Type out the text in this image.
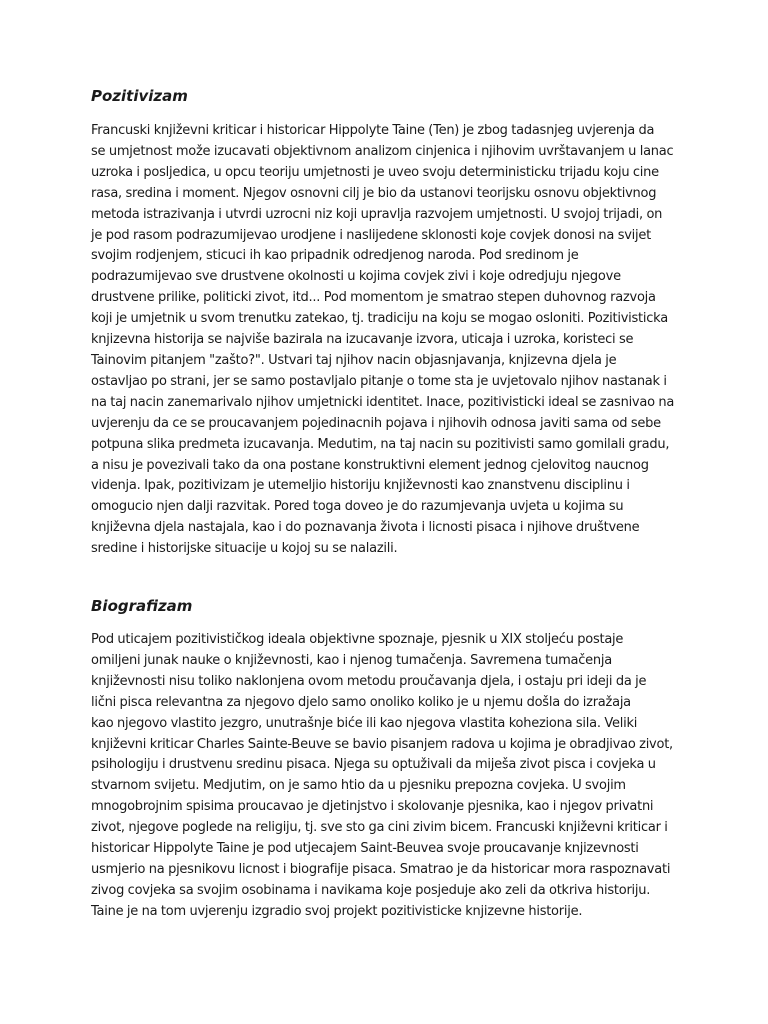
Pozitivizam
Francuski književni kriticar i historicar Hippolyte Taine (Ten) je zbog tadasnjeg uvjerenja da
se umjetnost može izucavati objektivnom analizom cinjenica i njihovim uvrštavanjem u lanac
uzroka i posljedica, u opcu teoriju umjetnosti je uveo svoju deterministicku trijadu koju cine
rasa, sredina i moment. Njegov osnovni cilj je bio da ustanovi teorijsku osnovu objektivnog
metoda istrazivanja i utvrdi uzrocni niz koji upravlja razvojem umjetnosti. U svojoj trijadi, on
je pod rasom podrazumijevao urodjene i naslijedene sklonosti koje covjek donosi na svijet
svojim rodjenjem, sticuci ih kao pripadnik odredjenog naroda. Pod sredinom je
podrazumijevao sve drustvene okolnosti u kojima covjek zivi i koje odredjuju njegove
drustvene prilike, politicki zivot, itd... Pod momentom je smatrao stepen duhovnog razvoja
koji je umjetnik u svom trenutku zatekao, tj. tradiciju na koju se mogao osloniti. Pozitivisticka
knjizevna historija se najviše bazirala na izucavanje izvora, uticaja i uzroka, koristeci se
Tainovim pitanjem "zašto?". Ustvari taj njihov nacin objasnjavanja, knjizevna djela je
ostavljao po strani, jer se samo postavljalo pitanje o tome sta je uvjetovalo njihov nastanak i
na taj nacin zanemarivalo njihov umjetnicki identitet. Inace, pozitivisticki ideal se zasnivao na
uvjerenju da ce se proucavanjem pojedinacnih pojava i njihovih odnosa javiti sama od sebe
potpuna slika predmeta izucavanja. Medutim, na taj nacin su pozitivisti samo gomilali gradu,
a nisu je povezivali tako da ona postane konstruktivni element jednog cjelovitog naucnog
videnja. Ipak, pozitivizam je utemeljio historiju književnosti kao znanstvenu disciplinu i
omogucio njen dalji razvitak. Pored toga doveo je do razumjevanja uvjeta u kojima su
književna djela nastajala, kao i do poznavanja života i licnosti pisaca i njihove društvene
sredine i historijske situacije u kojoj su se nalazili.
Biografizam
Pod uticajem pozitivističkog ideala objektivne spoznaje, pjesnik u XIX stoljeću postaje
omiljeni junak nauke o književnosti, kao i njenog tumačenja. Savremena tumačenja
književnosti nisu toliko naklonjena ovom metodu proučavanja djela, i ostaju pri ideji da je
lični pisca relevantna za njegovo djelo samo onoliko koliko je u njemu došla do izražaja
kao njegovo vlastito jezgro, unutrašnje biće ili kao njegova vlastita koheziona sila. Veliki
književni kriticar Charles Sainte-Beuve se bavio pisanjem radova u kojima je obradjivao zivot,
psihologiju i drustvenu sredinu pisaca. Njega su optuživali da miješa zivot pisca i covjeka u
stvarnom svijetu. Medjutim, on je samo htio da u pjesniku prepozna covjeka. U svojim
mnogobrojnim spisima proucavao je djetinjstvo i skolovanje pjesnika, kao i njegov privatni
zivot, njegove poglede na religiju, tj. sve sto ga cini zivim bicem. Francuski književni kriticar i
historicar Hippolyte Taine je pod utjecajem Saint-Beuvea svoje proucavanje knjizevnosti
usmjerio na pjesnikovu licnost i biografije pisaca. Smatrao je da historicar mora raspoznavati
zivog covjeka sa svojim osobinama i navikama koje posjeduje ako zeli da otkriva historiju.
Taine je na tom uvjerenju izgradio svoj projekt pozitivisticke knjizevne historije.
